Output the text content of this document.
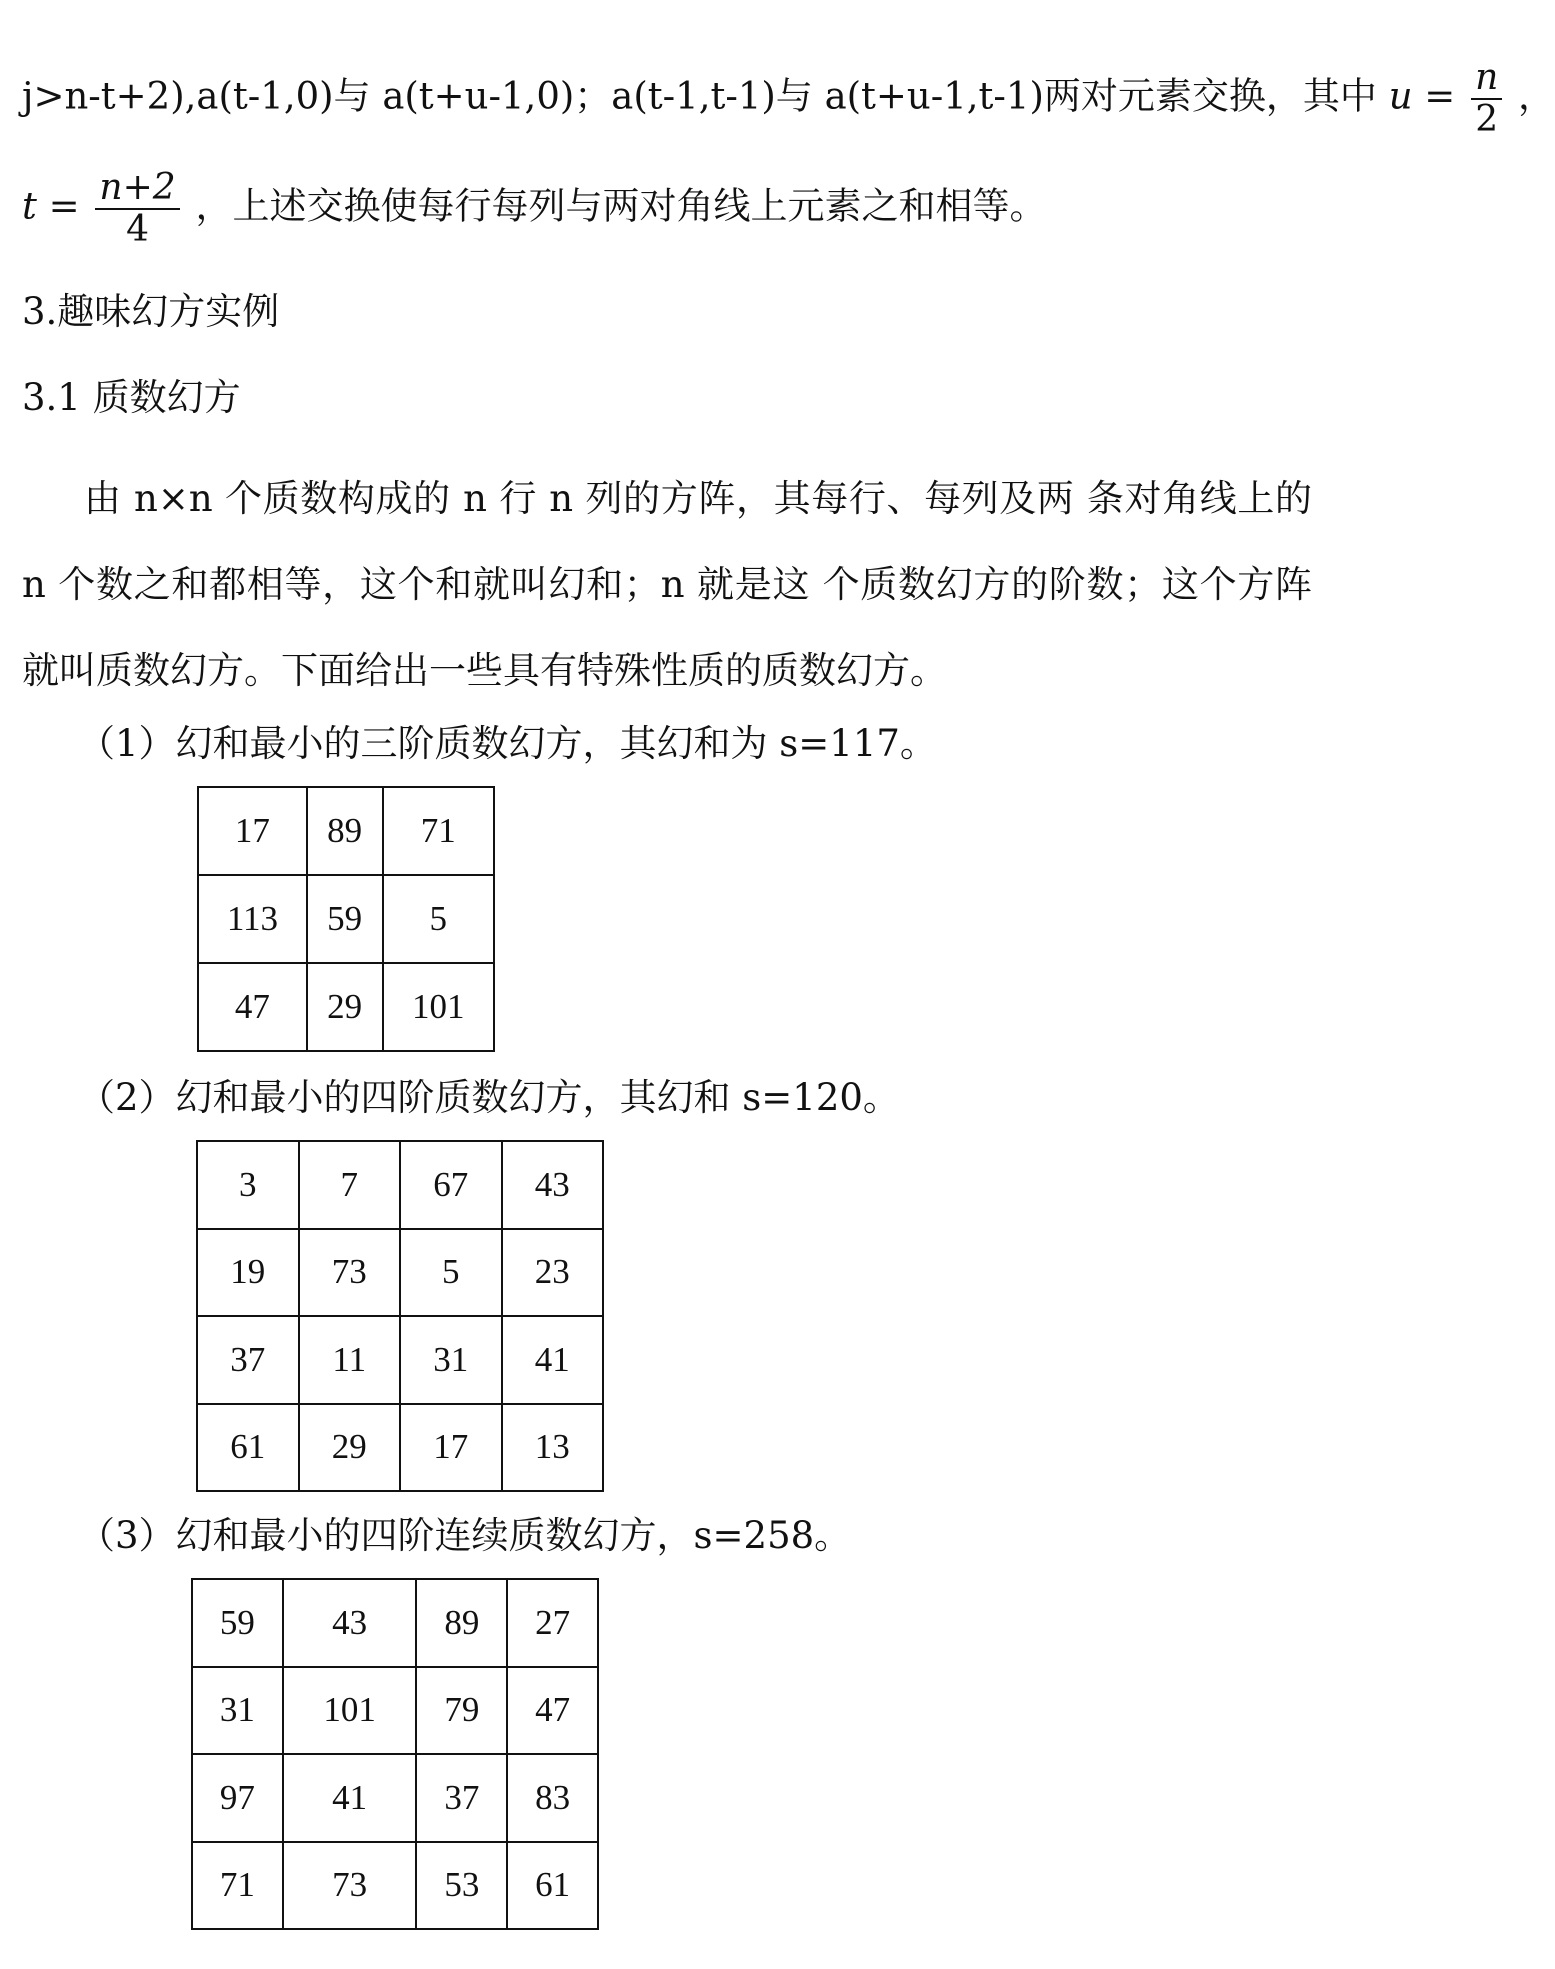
j>n-t+2),a(t-1,0)与 a(t+u-1,0)；a(t-1,t-1)与 a(t+u-1,t-1)两对元素交换，其中 $u = \frac{n}{2}$ ，
$t = \frac{n+2}{4}$ ，上述交换使每行每列与两对角线上元素之和相等。
3.趣味幻方实例
3.1 质数幻方
由 n×n 个质数构成的 n 行 n 列的方阵，其每行、每列及两 条对角线上的 n 个数之和都相等，这个和就叫幻和；n 就是这 个质数幻方的阶数；这个方阵就叫质数幻方。下面给出一些具有特殊性质的质数幻方。
（1）幻和最小的三阶质数幻方，其幻和为 s=117。
17	89	71
113	59	5
47	29	101
（2）幻和最小的四阶质数幻方，其幻和 s=120。
3	7	67	43
19	73	5	23
37	11	31	41
61	29	17	13
（3）幻和最小的四阶连续质数幻方，s=258。
59	43	89	27
31	101	79	47
97	41	37	83
71	73	53	61
